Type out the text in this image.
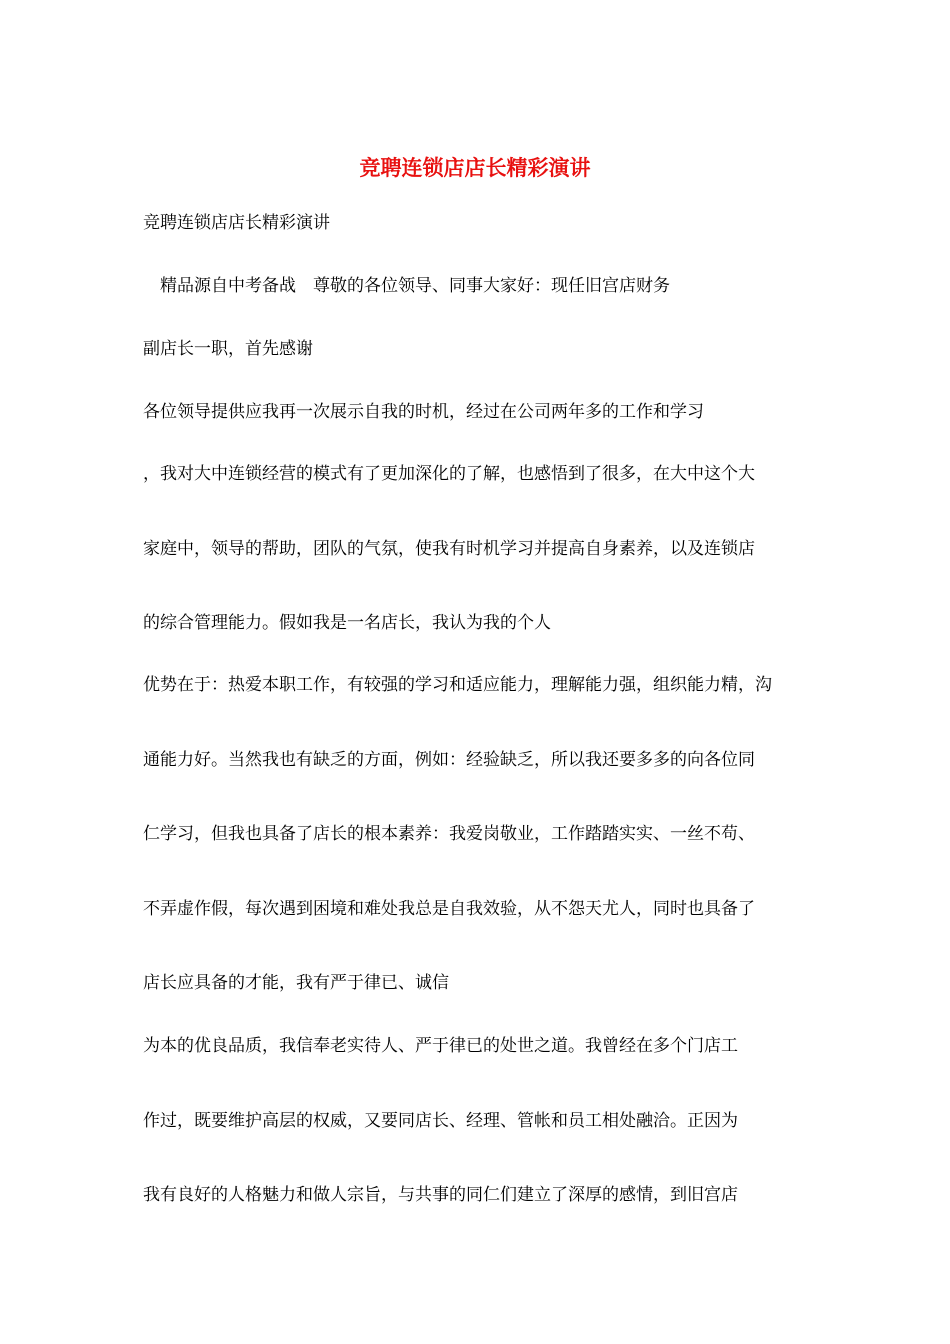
竞聘连锁店店长精彩演讲
竞聘连锁店店长精彩演讲
　精品源自中考备战　尊敬的各位领导、同事大家好：现任旧宫店财务
副店长一职，首先感谢
各位领导提供应我再一次展示自我的时机，经过在公司两年多的工作和学习
，我对大中连锁经营的模式有了更加深化的了解，也感悟到了很多，在大中这个大
家庭中，领导的帮助，团队的气氛，使我有时机学习并提高自身素养，以及连锁店
的综合管理能力。假如我是一名店长，我认为我的个人
优势在于：热爱本职工作，有较强的学习和适应能力，理解能力强，组织能力精，沟
通能力好。当然我也有缺乏的方面，例如：经验缺乏，所以我还要多多的向各位同
仁学习，但我也具备了店长的根本素养：我爱岗敬业，工作踏踏实实、一丝不苟、
不弄虚作假，每次遇到困境和难处我总是自我效验，从不怨天尤人，同时也具备了
店长应具备的才能，我有严于律已、诚信
为本的优良品质，我信奉老实待人、严于律已的处世之道。我曾经在多个门店工
作过，既要维护高层的权威，又要同店长、经理、管帐和员工相处融洽。正因为
我有良好的人格魅力和做人宗旨，与共事的同仁们建立了深厚的感情，到旧宫店
